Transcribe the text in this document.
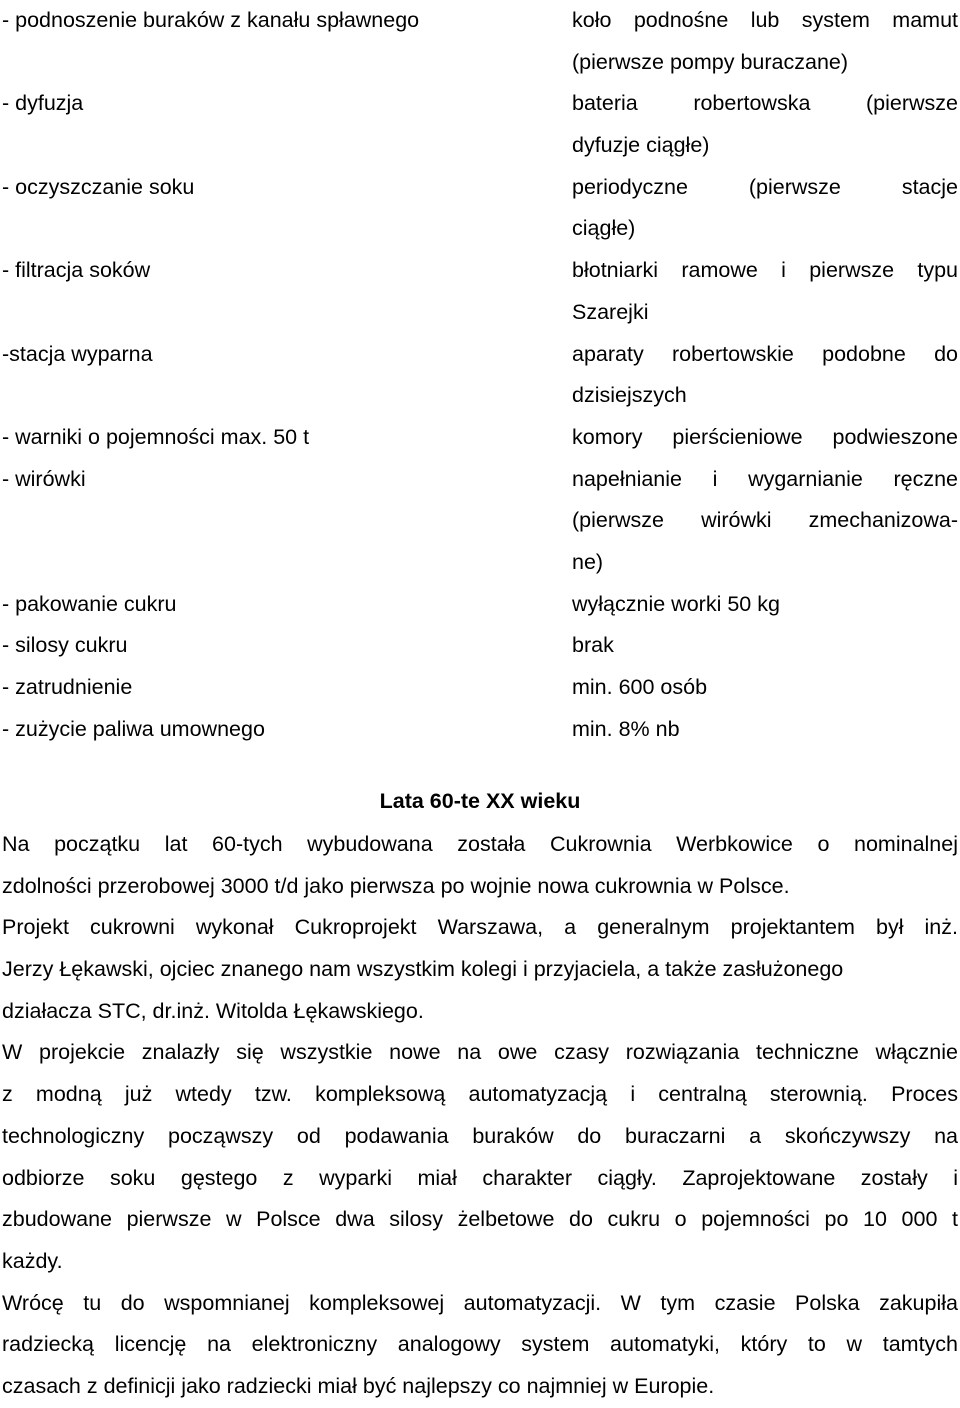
- podnoszenie buraków z kanału spławnego	koło podnośne lub system mamut
(pierwsze pompy buraczane)
- dyfuzja	bateria robertowska (pierwsze
dyfuzje ciągłe)
- oczyszczanie soku	periodyczne (pierwsze stacje
ciągłe)
- filtracja soków	błotniarki ramowe i pierwsze typu
Szarejki
-stacja wyparna	aparaty robertowskie podobne do
dzisiejszych
- warniki o pojemności max. 50 t	komory pierścieniowe podwieszone
- wirówki	napełnianie i wygarnianie ręczne
(pierwsze wirówki zmechanizowa-
ne)
- pakowanie cukru	wyłącznie worki 50 kg
- silosy cukru	brak
- zatrudnienie	min. 600 osób
- zużycie paliwa umownego	min. 8% nb
Lata 60-te XX wieku
Na początku lat 60-tych wybudowana została Cukrownia Werbkowice o nominalnej
zdolności przerobowej 3000 t/d jako pierwsza po wojnie nowa cukrownia w Polsce.
Projekt cukrowni wykonał Cukroprojekt Warszawa, a generalnym projektantem był inż.
Jerzy Łękawski, ojciec znanego nam wszystkim kolegi i przyjaciela, a także zasłużonego
działacza STC, dr.inż. Witolda Łękawskiego.
W projekcie znalazły się wszystkie nowe na owe czasy rozwiązania techniczne włącznie
z modną już wtedy tzw. kompleksową automatyzacją i centralną sterownią. Proces
technologiczny począwszy od podawania buraków do buraczarni a skończywszy na
odbiorze soku gęstego z wyparki miał charakter ciągły. Zaprojektowane zostały i
zbudowane pierwsze w Polsce dwa silosy żelbetowe do cukru o pojemności po 10 000 t
każdy.
Wrócę tu do wspomnianej kompleksowej automatyzacji. W tym czasie Polska zakupiła
radziecką licencję na elektroniczny analogowy system automatyki, który to w tamtych
czasach z definicji jako radziecki miał być najlepszy co najmniej w Europie.
